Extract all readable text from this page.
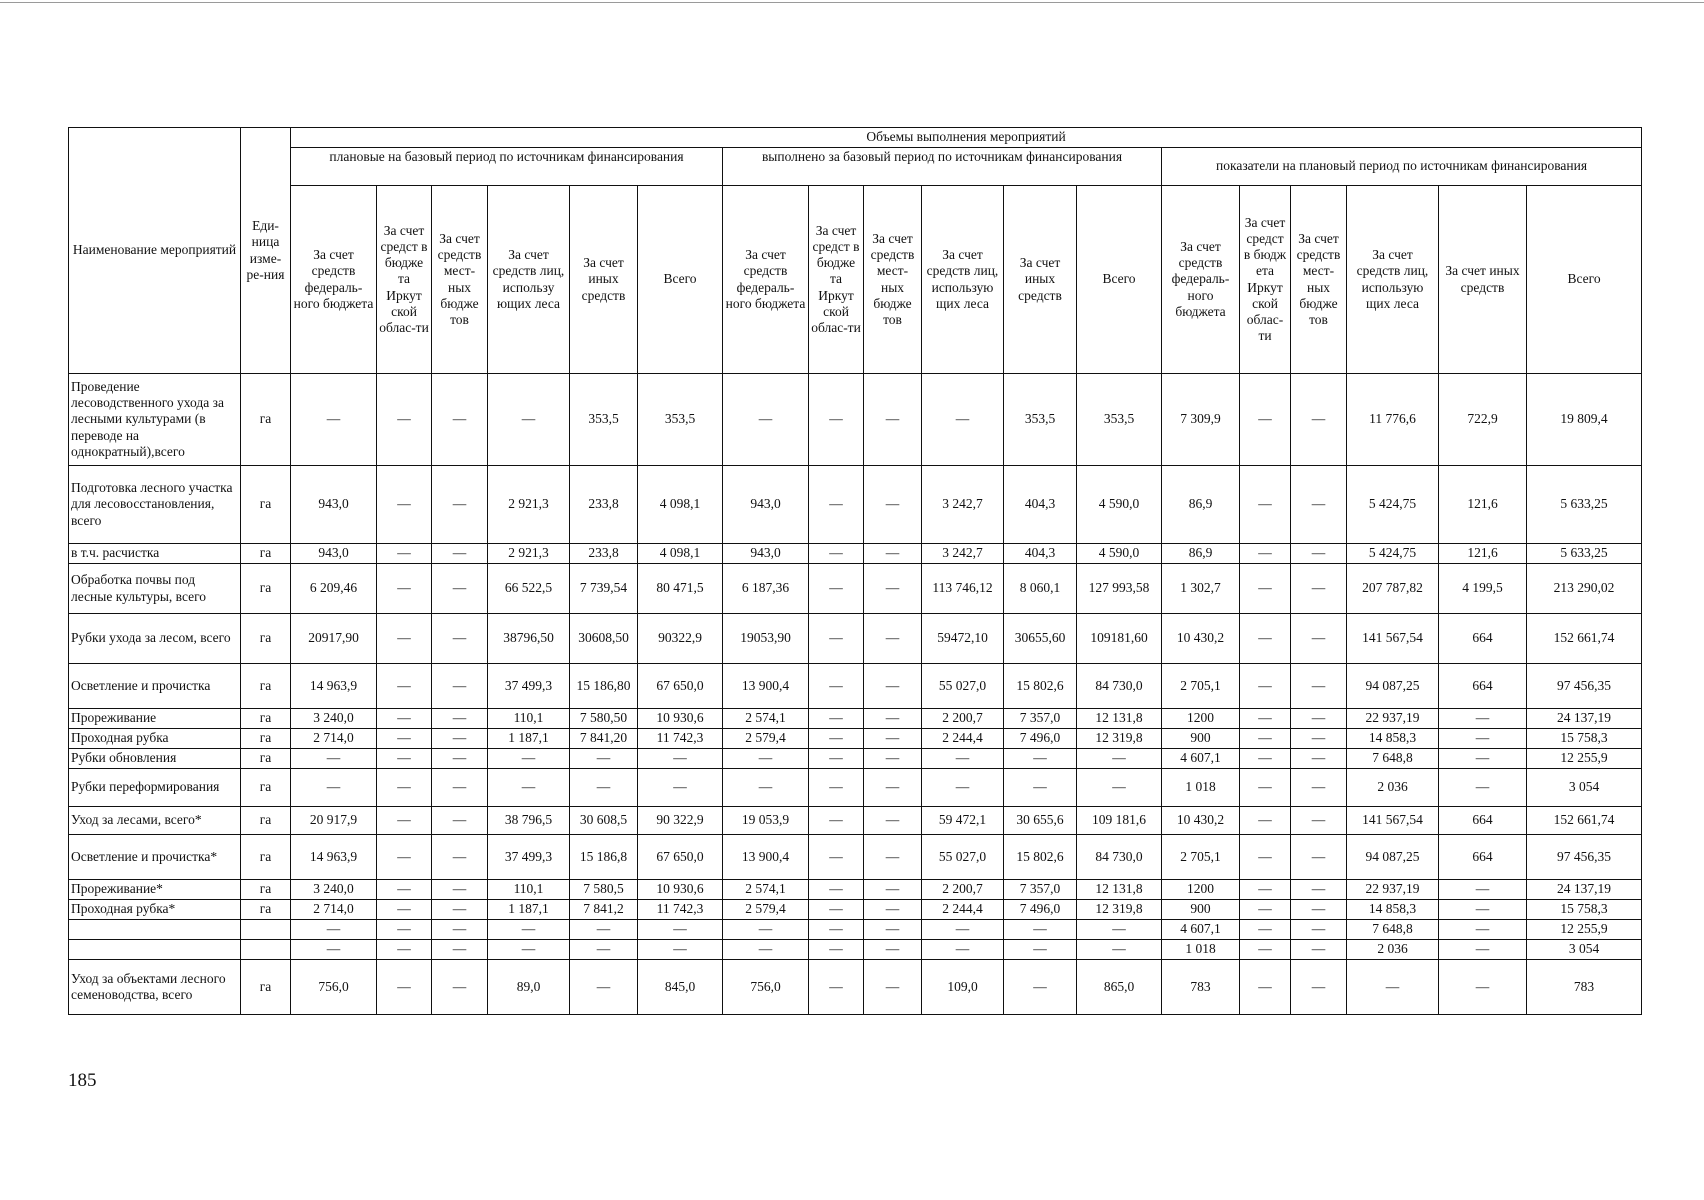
Наименование мероприятий	Еди-ница изме-ре-ния	Объемы выполнения мероприятий																	
		плановые на базовый период по источникам финансирования						выполнено за базовый период по источникам финансирования						показатели на плановый период по источникам финансирования					
		За счет средств федераль-ного бюджета	За счет средст в бюдже та Иркут ской облас-ти	За счет средств мест-ных бюдже тов	За счет средств лиц, использу ющих леса	За счет иных средств	Всего	За счет средств федераль-ного бюджета	За счет средст в бюдже та Иркут ской облас-ти	За счет средств мест-ных бюдже тов	За счет средств лиц, использую щих леса	За счет иных средств	Всего	За счет средств федераль-ного бюджета	За счет средст в бюдж ета Иркут ской облас-ти	За счет средств мест-ных бюдже тов	За счет средств лиц, использую щих леса	За счет иных средств	Всего
Проведение лесоводственного ухода за лесными культурами (в переводе на однократный),всего	га	—	—	—	—	353,5	353,5	—	—	—	—	353,5	353,5	7 309,9	—	—	11 776,6	722,9	19 809,4
Подготовка лесного участка для лесовосстановления, всего	га	943,0	—	—	2 921,3	233,8	4 098,1	943,0	—	—	3 242,7	404,3	4 590,0	86,9	—	—	5 424,75	121,6	5 633,25
в т.ч. расчистка	га	943,0	—	—	2 921,3	233,8	4 098,1	943,0	—	—	3 242,7	404,3	4 590,0	86,9	—	—	5 424,75	121,6	5 633,25
Обработка почвы под лесные культуры, всего	га	6 209,46	—	—	66 522,5	7 739,54	80 471,5	6 187,36	—	—	113 746,12	8 060,1	127 993,58	1 302,7	—	—	207 787,82	4 199,5	213 290,02
Рубки ухода за лесом, всего	га	20917,90	—	—	38796,50	30608,50	90322,9	19053,90	—	—	59472,10	30655,60	109181,60	10 430,2	—	—	141 567,54	664	152 661,74
Осветление и прочистка	га	14 963,9	—	—	37 499,3	15 186,80	67 650,0	13 900,4	—	—	55 027,0	15 802,6	84 730,0	2 705,1	—	—	94 087,25	664	97 456,35
Прореживание	га	3 240,0	—	—	110,1	7 580,50	10 930,6	2 574,1	—	—	2 200,7	7 357,0	12 131,8	1200	—	—	22 937,19	—	24 137,19
Проходная рубка	га	2 714,0	—	—	1 187,1	7 841,20	11 742,3	2 579,4	—	—	2 244,4	7 496,0	12 319,8	900	—	—	14 858,3	—	15 758,3
Рубки обновления	га	—	—	—	—	—	—	—	—	—	—	—	—	4 607,1	—	—	7 648,8	—	12 255,9
Рубки переформирования	га	—	—	—	—	—	—	—	—	—	—	—	—	1 018	—	—	2 036	—	3 054
Уход за лесами, всего*	га	20 917,9	—	—	38 796,5	30 608,5	90 322,9	19 053,9	—	—	59 472,1	30 655,6	109 181,6	10 430,2	—	—	141 567,54	664	152 661,74
Осветление и прочистка*	га	14 963,9	—	—	37 499,3	15 186,8	67 650,0	13 900,4	—	—	55 027,0	15 802,6	84 730,0	2 705,1	—	—	94 087,25	664	97 456,35
Прореживание*	га	3 240,0	—	—	110,1	7 580,5	10 930,6	2 574,1	—	—	2 200,7	7 357,0	12 131,8	1200	—	—	22 937,19	—	24 137,19
Проходная рубка*	га	2 714,0	—	—	1 187,1	7 841,2	11 742,3	2 579,4	—	—	2 244,4	7 496,0	12 319,8	900	—	—	14 858,3	—	15 758,3
		—	—	—	—	—	—	—	—	—	—	—	—	4 607,1	—	—	7 648,8	—	12 255,9
		—	—	—	—	—	—	—	—	—	—	—	—	1 018	—	—	2 036	—	3 054
Уход за объектами лесного семеноводства, всего	га	756,0	—	—	89,0	—	845,0	756,0	—	—	109,0	—	865,0	783	—	—	—	—	783
185
